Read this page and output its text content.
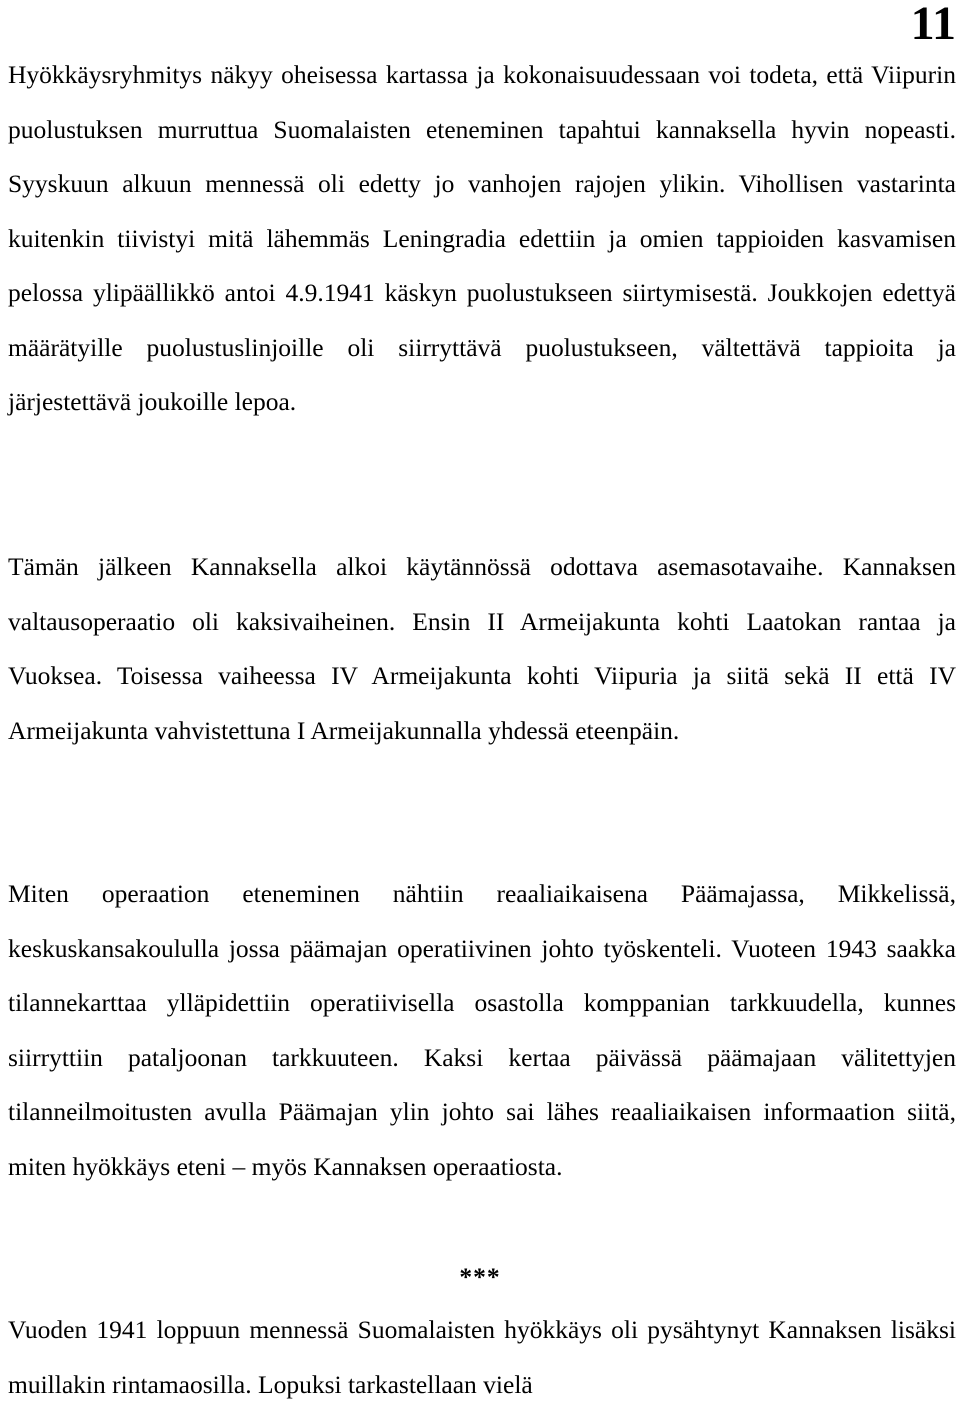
11

Hyökkäysryhmitys näkyy oheisessa kartassa ja kokonaisuudessaan voi todeta, että Viipurin puolustuksen murruttua Suomalaisten eteneminen tapahtui kannaksella hyvin nopeasti. Syyskuun alkuun mennessä oli edetty jo vanhojen rajojen ylikin. Vihollisen vastarinta kuitenkin tiivistyi mitä lähemmäs Leningradia edettiin ja omien tappioiden kasvamisen pelossa ylipäällikkö antoi 4.9.1941 käskyn puolustukseen siirtymisestä. Joukkojen edettyä määrätyille puolustuslinjoille oli siirryttävä puolustukseen, vältettävä tappioita ja järjestettävä joukoille lepoa.

Tämän jälkeen Kannaksella alkoi käytännössä odottava asemasotavaihe. Kannaksen valtausoperaatio oli kaksivaiheinen. Ensin II Armeijakunta kohti Laatokan rantaa ja Vuoksea. Toisessa vaiheessa IV Armeijakunta kohti Viipuria ja siitä sekä II että IV Armeijakunta vahvistettuna I Armeijakunnalla yhdessä eteenpäin.

Miten operaation eteneminen nähtiin reaaliaikaisena Päämajassa, Mikkelissä, keskuskansakoululla jossa päämajan operatiivinen johto työskenteli. Vuoteen 1943 saakka tilannekarttaa ylläpidettiin operatiivisella osastolla komppanian tarkkuudella, kunnes siirryttiin pataljoonan tarkkuuteen. Kaksi kertaa päivässä päämajaan välitettyjen tilanneilmoitusten avulla Päämajan ylin johto sai lähes reaaliaikaisen informaation siitä, miten hyökkäys eteni – myös Kannaksen operaatiosta.

***

Vuoden 1941 loppuun mennessä Suomalaisten hyökkäys oli pysähtynyt Kannaksen lisäksi muillakin rintamaosilla. Lopuksi tarkastellaan vielä
